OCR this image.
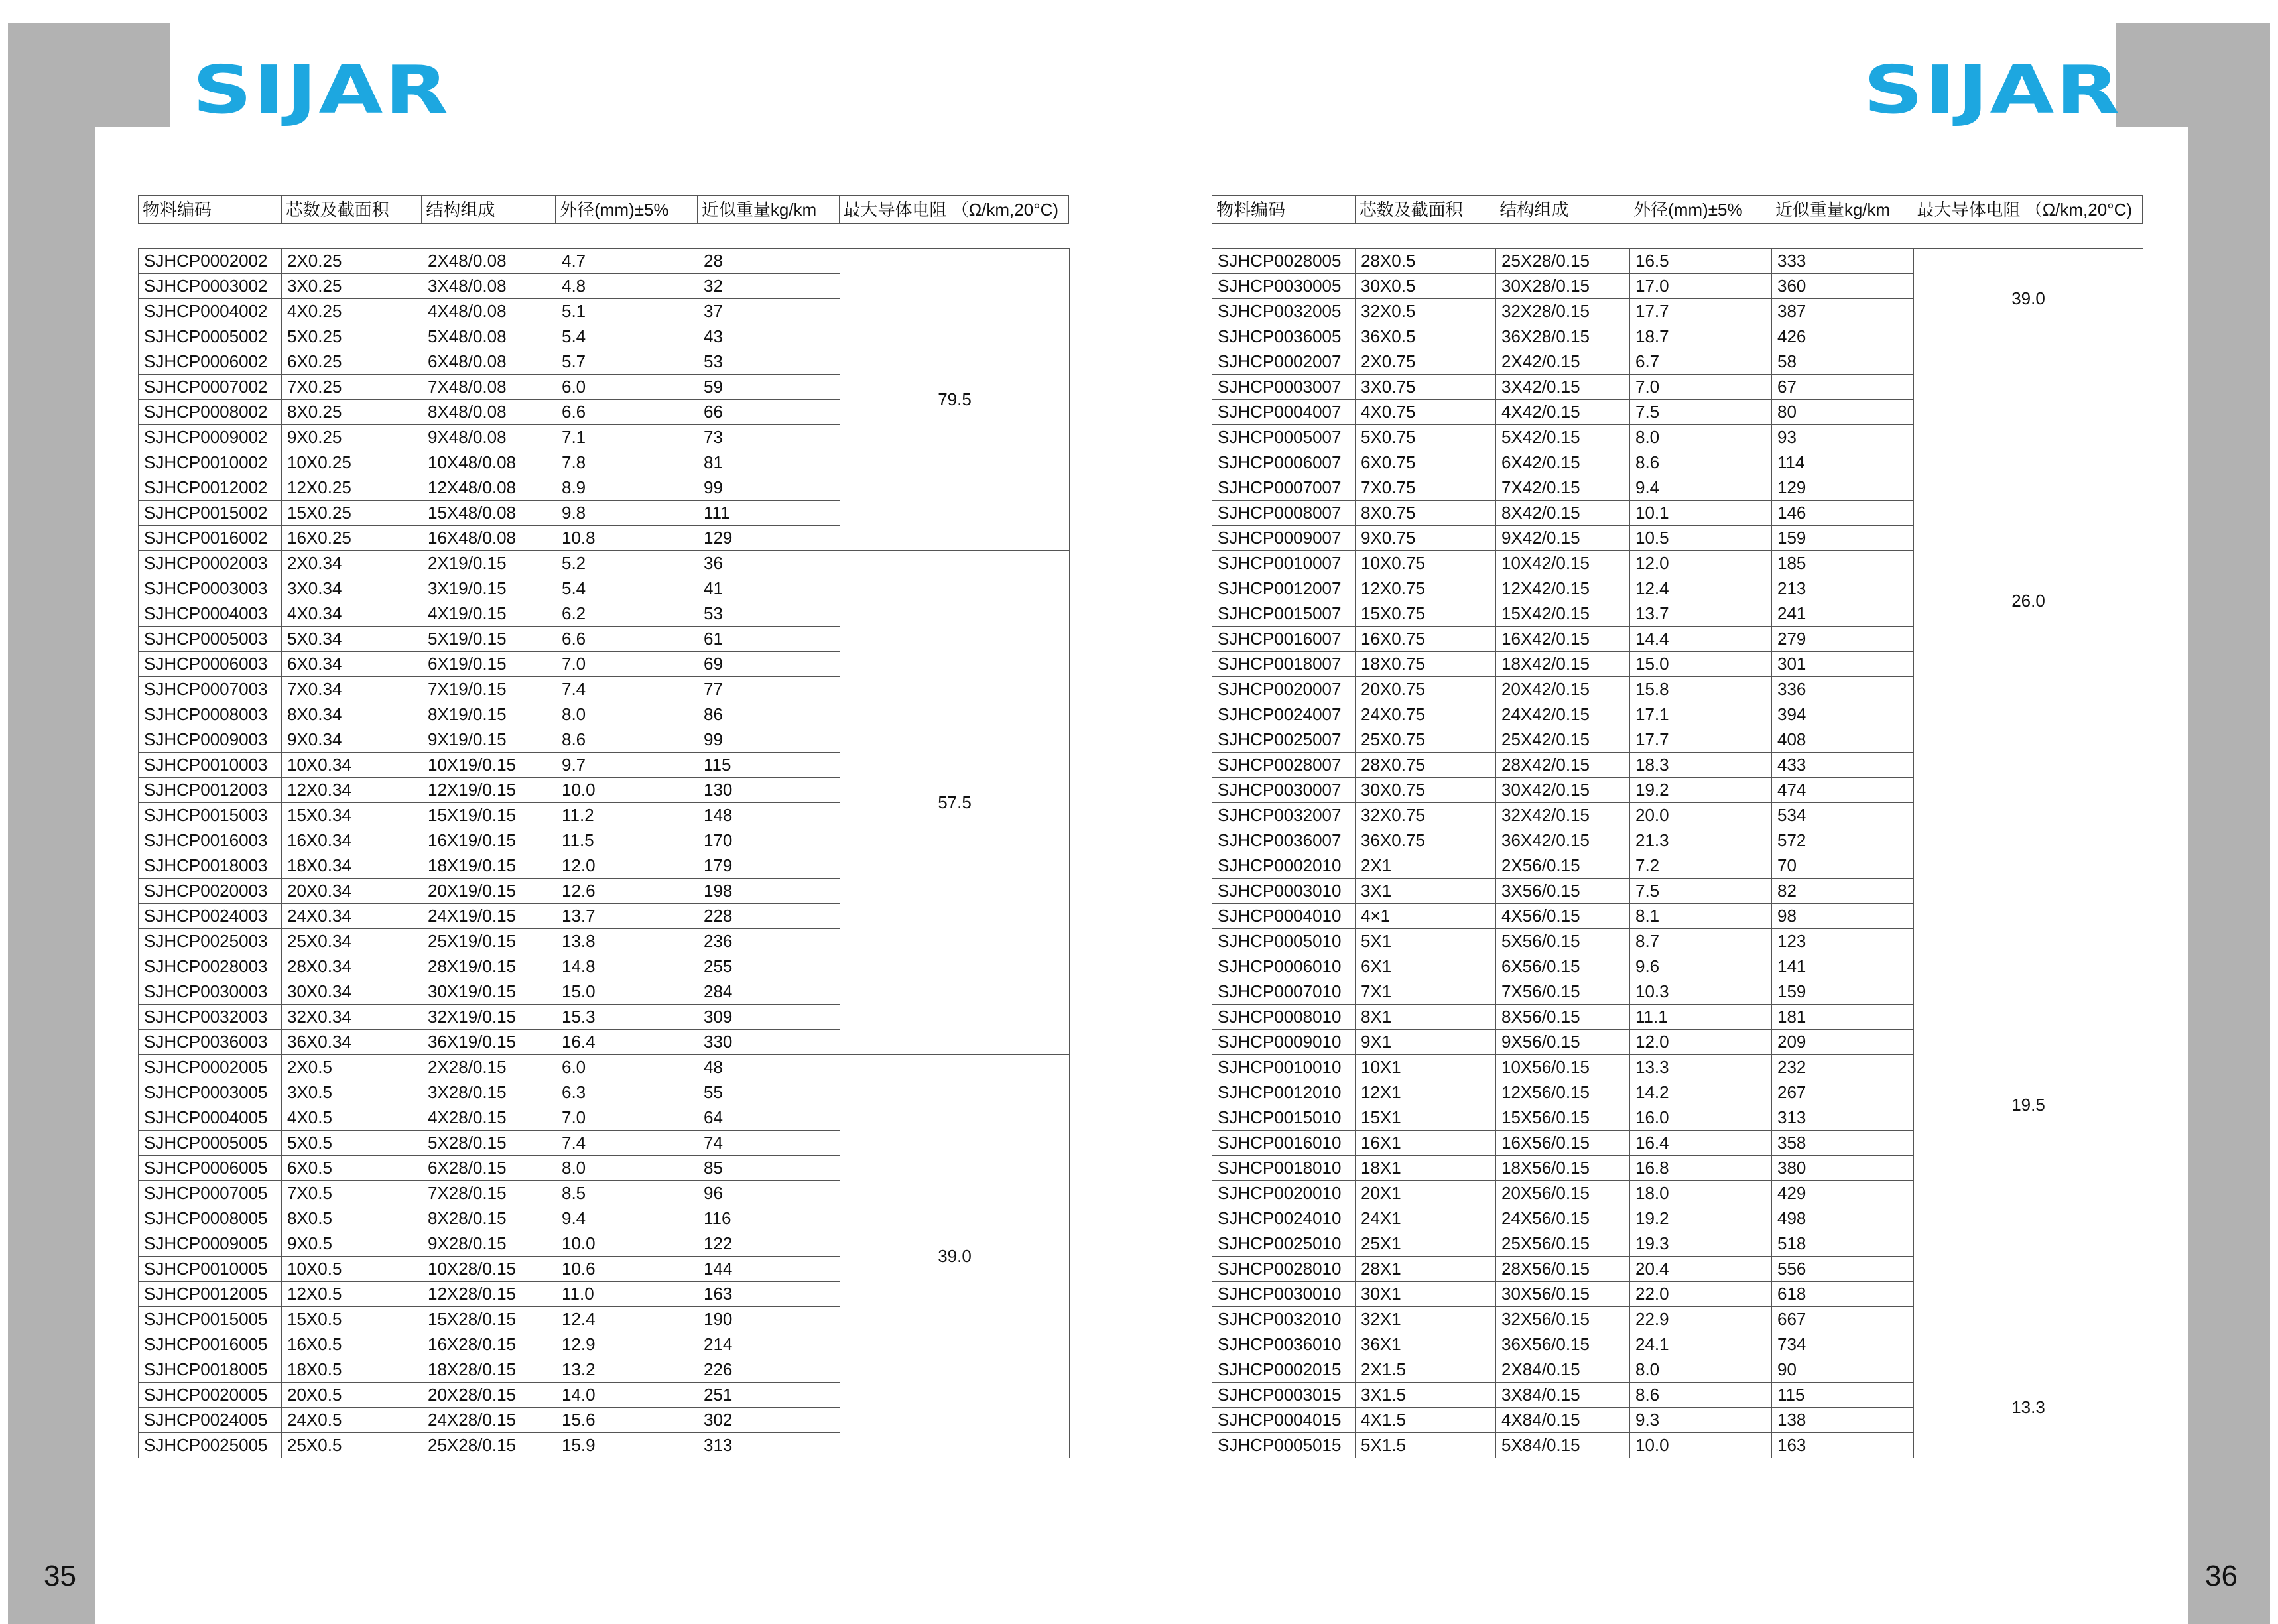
SIJAR	SIJAR
35	36
物料编码	芯数及截面积	结构组成	外径(mm)±5%	近似重量kg/km	最大导体电阻 （Ω/km,20°C)	物料编码	芯数及截面积	结构组成	外径(mm)±5%	近似重量kg/km	最大导体电阻 （Ω/km,20°C)
SJHCP0002002	2X0.25	2X48/0.08	4.7	28	79.5
SJHCP0003002	3X0.25	3X48/0.08	4.8	32	
SJHCP0004002	4X0.25	4X48/0.08	5.1	37	
SJHCP0005002	5X0.25	5X48/0.08	5.4	43	
SJHCP0006002	6X0.25	6X48/0.08	5.7	53	
SJHCP0007002	7X0.25	7X48/0.08	6.0	59	
SJHCP0008002	8X0.25	8X48/0.08	6.6	66	
SJHCP0009002	9X0.25	9X48/0.08	7.1	73	
SJHCP0010002	10X0.25	10X48/0.08	7.8	81	
SJHCP0012002	12X0.25	12X48/0.08	8.9	99	
SJHCP0015002	15X0.25	15X48/0.08	9.8	111	
SJHCP0016002	16X0.25	16X48/0.08	10.8	129	
SJHCP0002003	2X0.34	2X19/0.15	5.2	36	57.5
SJHCP0003003	3X0.34	3X19/0.15	5.4	41	
SJHCP0004003	4X0.34	4X19/0.15	6.2	53	
SJHCP0005003	5X0.34	5X19/0.15	6.6	61	
SJHCP0006003	6X0.34	6X19/0.15	7.0	69	
SJHCP0007003	7X0.34	7X19/0.15	7.4	77	
SJHCP0008003	8X0.34	8X19/0.15	8.0	86	
SJHCP0009003	9X0.34	9X19/0.15	8.6	99	
SJHCP0010003	10X0.34	10X19/0.15	9.7	115	
SJHCP0012003	12X0.34	12X19/0.15	10.0	130	
SJHCP0015003	15X0.34	15X19/0.15	11.2	148	
SJHCP0016003	16X0.34	16X19/0.15	11.5	170	
SJHCP0018003	18X0.34	18X19/0.15	12.0	179	
SJHCP0020003	20X0.34	20X19/0.15	12.6	198	
SJHCP0024003	24X0.34	24X19/0.15	13.7	228	
SJHCP0025003	25X0.34	25X19/0.15	13.8	236	
SJHCP0028003	28X0.34	28X19/0.15	14.8	255	
SJHCP0030003	30X0.34	30X19/0.15	15.0	284	
SJHCP0032003	32X0.34	32X19/0.15	15.3	309	
SJHCP0036003	36X0.34	36X19/0.15	16.4	330	
SJHCP0002005	2X0.5	2X28/0.15	6.0	48	39.0
SJHCP0003005	3X0.5	3X28/0.15	6.3	55	
SJHCP0004005	4X0.5	4X28/0.15	7.0	64	
SJHCP0005005	5X0.5	5X28/0.15	7.4	74	
SJHCP0006005	6X0.5	6X28/0.15	8.0	85	
SJHCP0007005	7X0.5	7X28/0.15	8.5	96	
SJHCP0008005	8X0.5	8X28/0.15	9.4	116	
SJHCP0009005	9X0.5	9X28/0.15	10.0	122	
SJHCP0010005	10X0.5	10X28/0.15	10.6	144	
SJHCP0012005	12X0.5	12X28/0.15	11.0	163	
SJHCP0015005	15X0.5	15X28/0.15	12.4	190	
SJHCP0016005	16X0.5	16X28/0.15	12.9	214	
SJHCP0018005	18X0.5	18X28/0.15	13.2	226	
SJHCP0020005	20X0.5	20X28/0.15	14.0	251	
SJHCP0024005	24X0.5	24X28/0.15	15.6	302	
SJHCP0025005	25X0.5	25X28/0.15	15.9	313	
SJHCP0028005	28X0.5	25X28/0.15	16.5	333	39.0
SJHCP0030005	30X0.5	30X28/0.15	17.0	360	
SJHCP0032005	32X0.5	32X28/0.15	17.7	387	
SJHCP0036005	36X0.5	36X28/0.15	18.7	426	
SJHCP0002007	2X0.75	2X42/0.15	6.7	58	26.0
SJHCP0003007	3X0.75	3X42/0.15	7.0	67	
SJHCP0004007	4X0.75	4X42/0.15	7.5	80	
SJHCP0005007	5X0.75	5X42/0.15	8.0	93	
SJHCP0006007	6X0.75	6X42/0.15	8.6	114	
SJHCP0007007	7X0.75	7X42/0.15	9.4	129	
SJHCP0008007	8X0.75	8X42/0.15	10.1	146	
SJHCP0009007	9X0.75	9X42/0.15	10.5	159	
SJHCP0010007	10X0.75	10X42/0.15	12.0	185	
SJHCP0012007	12X0.75	12X42/0.15	12.4	213	
SJHCP0015007	15X0.75	15X42/0.15	13.7	241	
SJHCP0016007	16X0.75	16X42/0.15	14.4	279	
SJHCP0018007	18X0.75	18X42/0.15	15.0	301	
SJHCP0020007	20X0.75	20X42/0.15	15.8	336	
SJHCP0024007	24X0.75	24X42/0.15	17.1	394	
SJHCP0025007	25X0.75	25X42/0.15	17.7	408	
SJHCP0028007	28X0.75	28X42/0.15	18.3	433	
SJHCP0030007	30X0.75	30X42/0.15	19.2	474	
SJHCP0032007	32X0.75	32X42/0.15	20.0	534	
SJHCP0036007	36X0.75	36X42/0.15	21.3	572	
SJHCP0002010	2X1	2X56/0.15	7.2	70	19.5
SJHCP0003010	3X1	3X56/0.15	7.5	82	
SJHCP0004010	4×1	4X56/0.15	8.1	98	
SJHCP0005010	5X1	5X56/0.15	8.7	123	
SJHCP0006010	6X1	6X56/0.15	9.6	141	
SJHCP0007010	7X1	7X56/0.15	10.3	159	
SJHCP0008010	8X1	8X56/0.15	11.1	181	
SJHCP0009010	9X1	9X56/0.15	12.0	209	
SJHCP0010010	10X1	10X56/0.15	13.3	232	
SJHCP0012010	12X1	12X56/0.15	14.2	267	
SJHCP0015010	15X1	15X56/0.15	16.0	313	
SJHCP0016010	16X1	16X56/0.15	16.4	358	
SJHCP0018010	18X1	18X56/0.15	16.8	380	
SJHCP0020010	20X1	20X56/0.15	18.0	429	
SJHCP0024010	24X1	24X56/0.15	19.2	498	
SJHCP0025010	25X1	25X56/0.15	19.3	518	
SJHCP0028010	28X1	28X56/0.15	20.4	556	
SJHCP0030010	30X1	30X56/0.15	22.0	618	
SJHCP0032010	32X1	32X56/0.15	22.9	667	
SJHCP0036010	36X1	36X56/0.15	24.1	734	
SJHCP0002015	2X1.5	2X84/0.15	8.0	90	13.3
SJHCP0003015	3X1.5	3X84/0.15	8.6	115	
SJHCP0004015	4X1.5	4X84/0.15	9.3	138	
SJHCP0005015	5X1.5	5X84/0.15	10.0	163	
